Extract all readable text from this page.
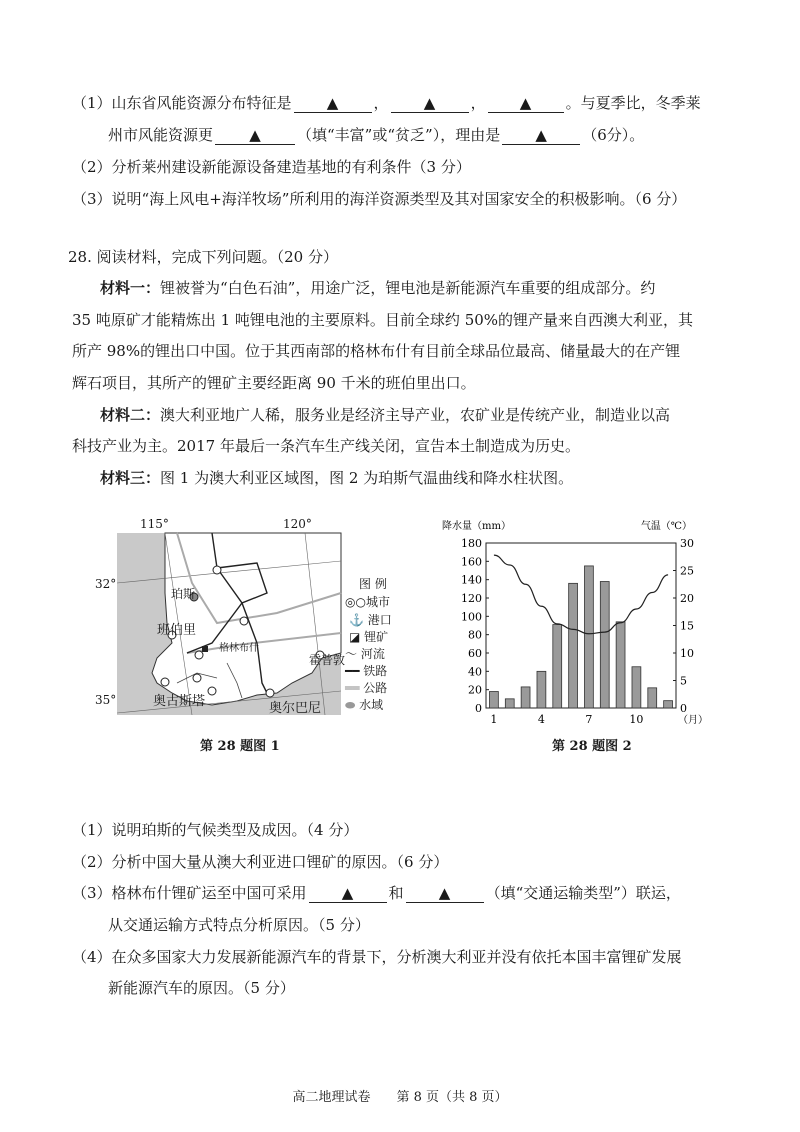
（1）山东省风能资源分布特征是 ▲ ， ▲ ， ▲ 。与夏季比，冬季莱
州市风能资源更 ▲ （填“丰富”或“贫乏”），理由是 ▲ （6分）。
（2）分析莱州建设新能源设备建造基地的有利条件（3 分）
（3）说明“海上风电+海洋牧场”所利用的海洋资源类型及其对国家安全的积极影响。（6 分）
28. 阅读材料，完成下列问题。（20 分）
材料一：锂被誉为“白色石油”，用途广泛，锂电池是新能源汽车重要的组成部分。约
35 吨原矿才能精炼出 1 吨锂电池的主要原料。目前全球约 50%的锂产量来自西澳大利亚，其
所产 98%的锂出口中国。位于其西南部的格林布什有目前全球品位最高、储量最大的在产锂
辉石项目，其所产的锂矿主要经距离 90 千米的班伯里出口。
材料二：澳大利亚地广人稀，服务业是经济主导产业，农矿业是传统产业，制造业以高
科技产业为主。2017 年最后一条汽车生产线关闭，宣告本土制造成为历史。
材料三：图 1 为澳大利亚区域图，图 2 为珀斯气温曲线和降水柱状图。
115°	120°
32°
35°
珀斯
班伯里
格林布什
霍普敦
奥古斯塔	奥尔巴尼
图 例
◎○城市
⚓ 港口
◪ 锂矿
〜 河流
━━ 铁路
══ 公路
⬬ 水域
第 28 题图 1
降水量（mm）	气温（℃）
0
20
40
60
80
100
120
140
160
180
0
5
10
15
20
25
30
1	4	7	10	（月）
第 28 题图 2
（1）说明珀斯的气候类型及成因。（4 分）
（2）分析中国大量从澳大利亚进口锂矿的原因。（6 分）
（3）格林布什锂矿运至中国可采用 ▲ 和 ▲ （填“交通运输类型”）联运，
从交通运输方式特点分析原因。（5 分）
（4）在众多国家大力发展新能源汽车的背景下，分析澳大利亚并没有依托本国丰富锂矿发展
新能源汽车的原因。（5 分）
高二地理试卷　　第 8 页（共 8 页）
